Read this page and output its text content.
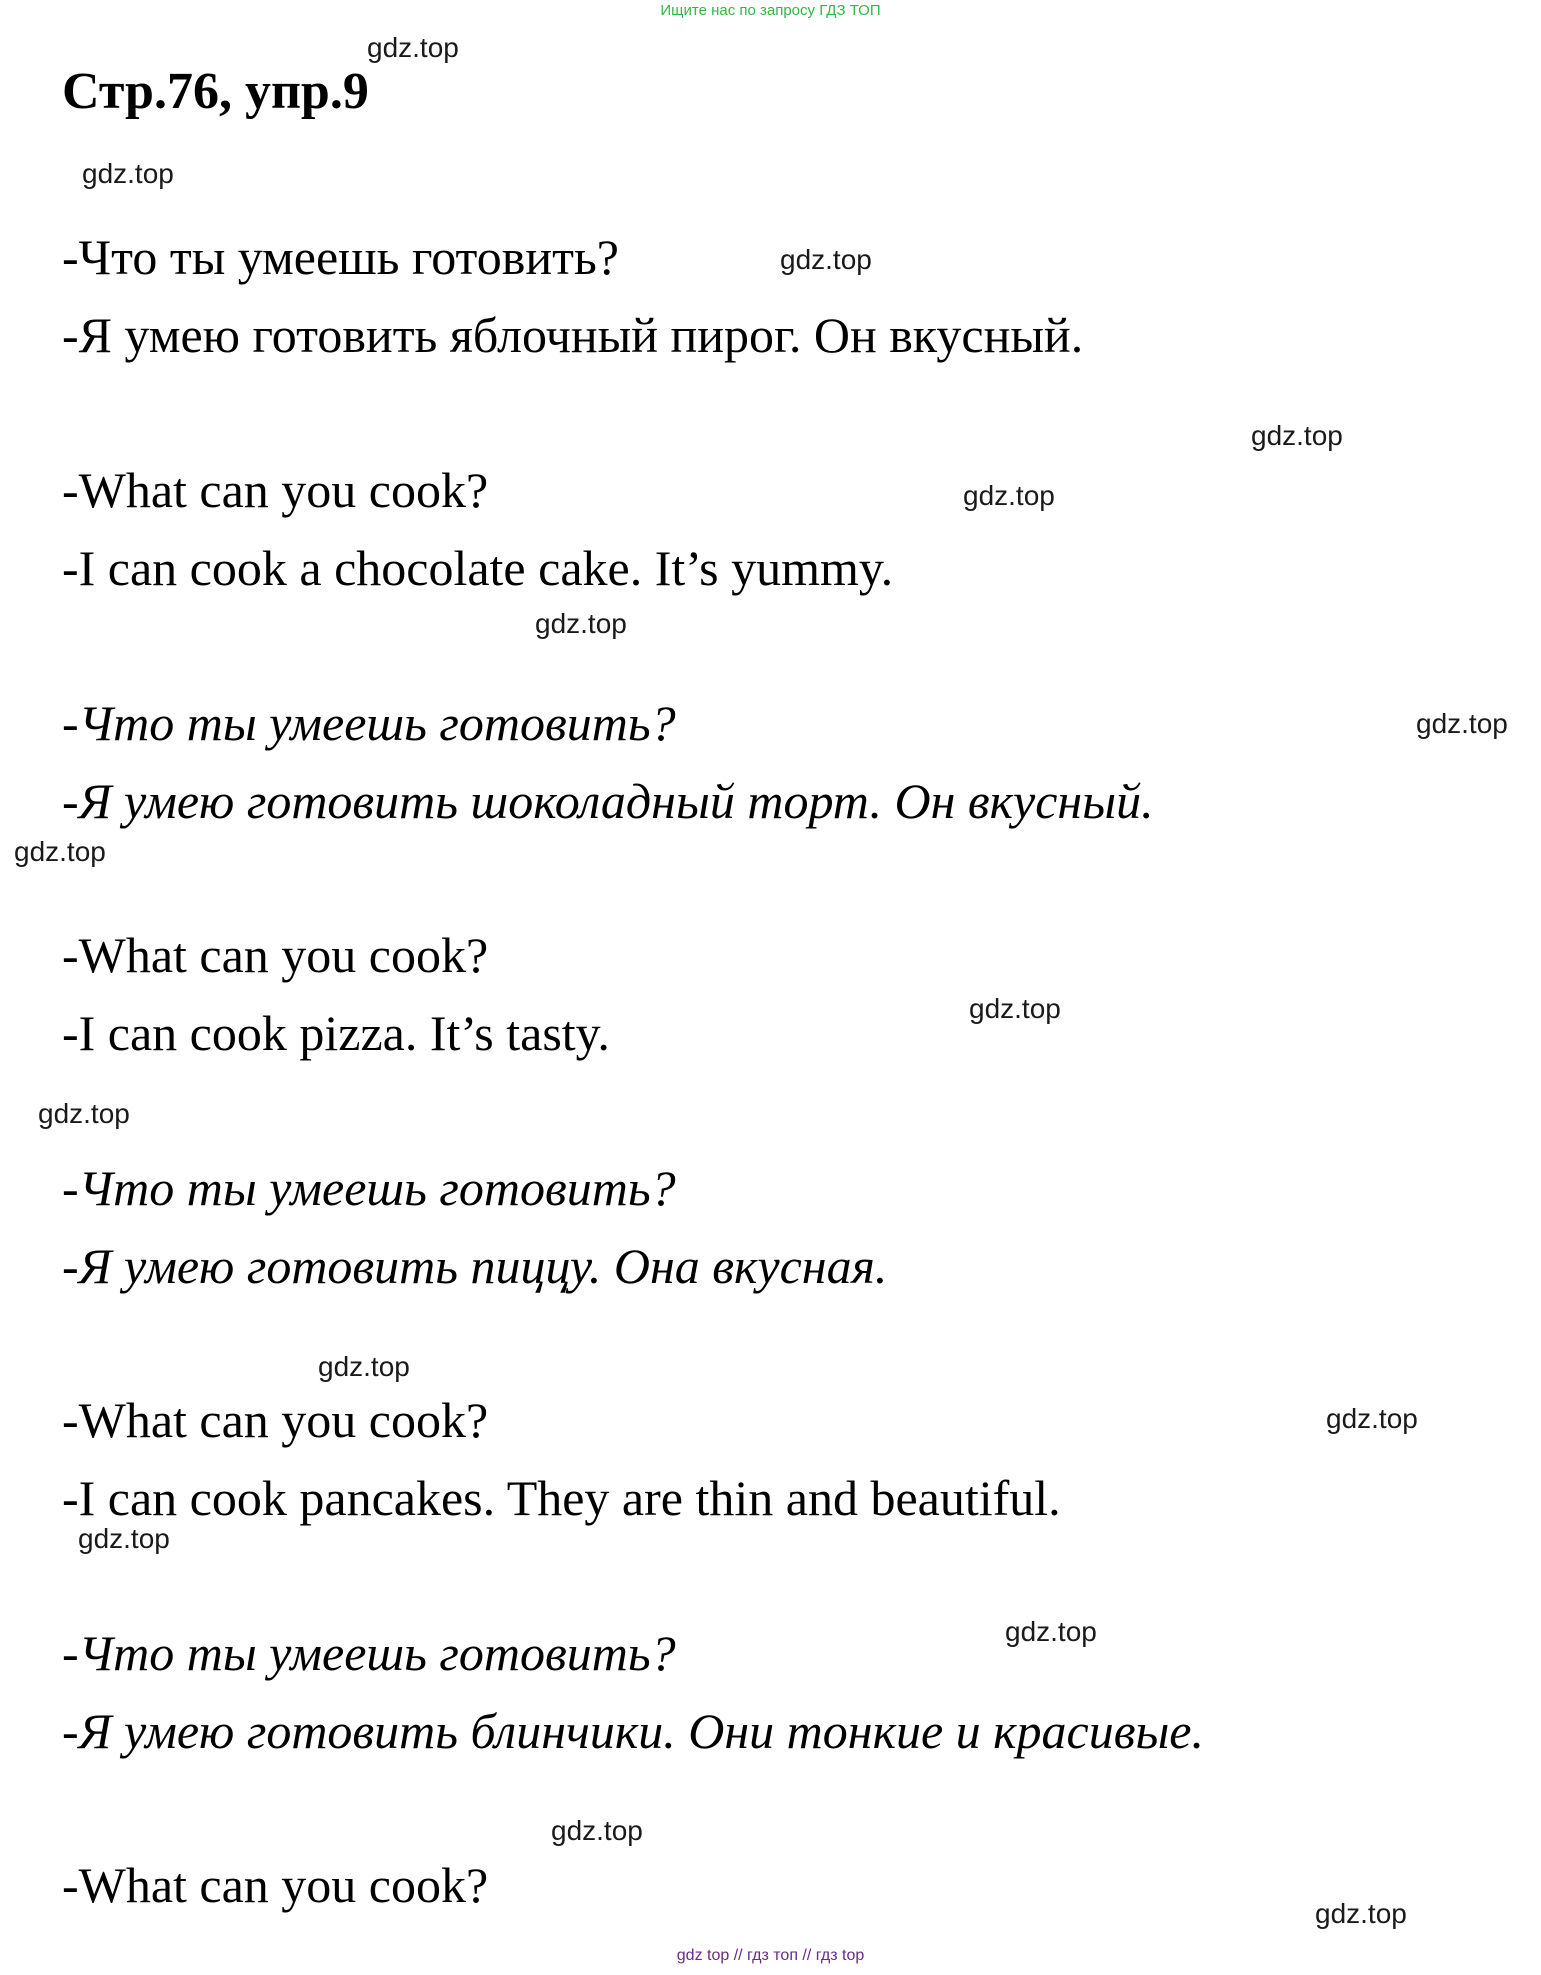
Ищите нас по запросу ГДЗ ТОП
Стр.76, упр.9
-Что ты умеешь готовить?
-Я умею готовить яблочный пирог. Он вкусный.
-What can you cook?
-I can cook a chocolate cake. It’s yummy.
-Что ты умеешь готовить?
-Я умею готовить шоколадный торт. Он вкусный.
-What can you cook?
-I can cook pizza. It’s tasty.
-Что ты умеешь готовить?
-Я умею готовить пиццу. Она вкусная.
-What can you cook?
-I can cook pancakes. They are thin and beautiful.
-Что ты умеешь готовить?
-Я умею готовить блинчики. Они тонкие и красивые.
-What can you cook?
gdz.top
gdz.top
gdz.top
gdz.top
gdz.top
gdz.top
gdz.top
gdz.top
gdz.top
gdz.top
gdz.top
gdz.top
gdz.top
gdz.top
gdz.top
gdz.top
gdz top // гдз топ // гдз top
